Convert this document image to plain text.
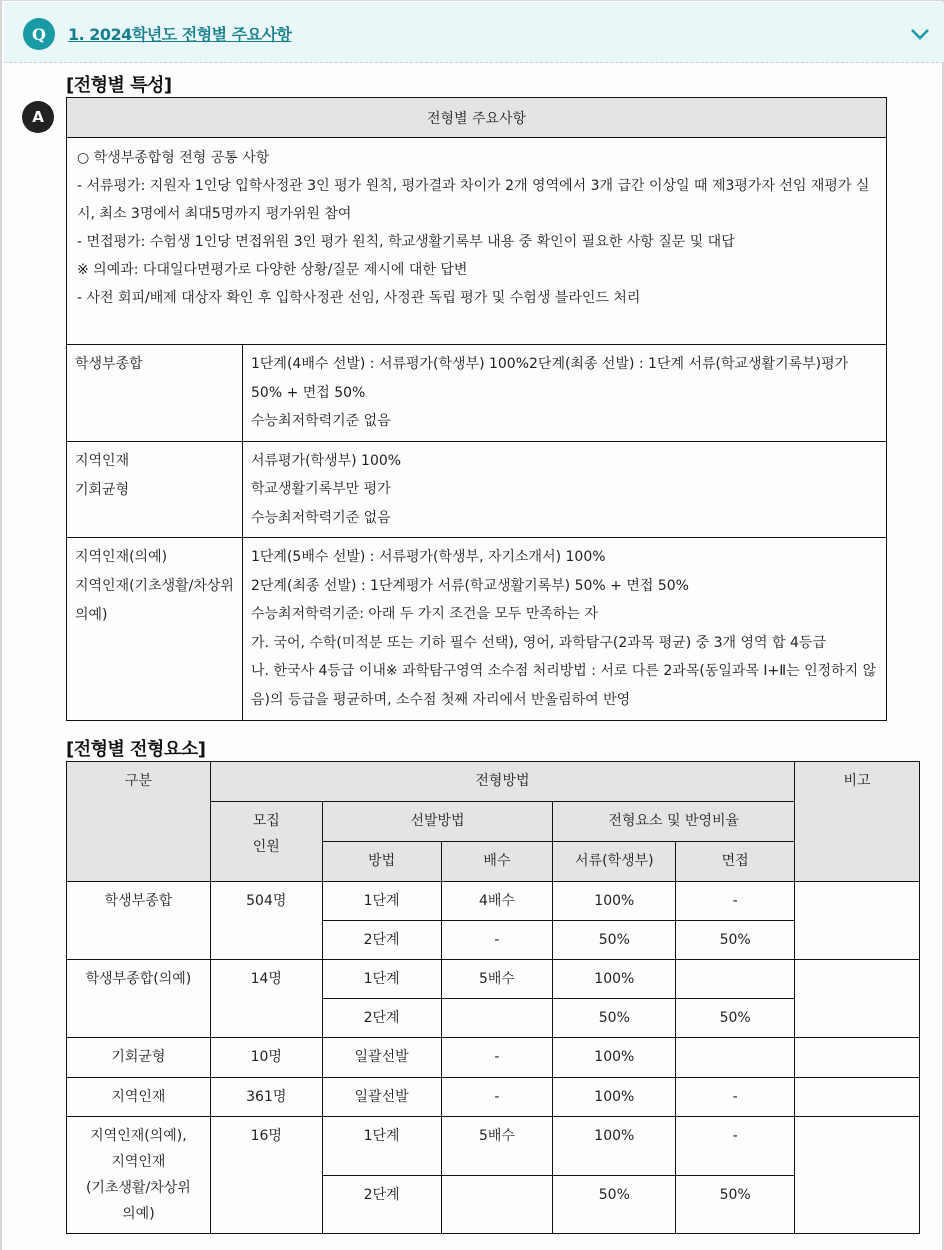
Q	1. 2024학년도 전형별 주요사항
A
[전형별 특성]
전형별 주요사항	

○ 학생부종합형 전형 공통 사항
- 서류평가: 지원자 1인당 입학사정관 3인 평가 원칙, 평가결과 차이가 2개 영역에서 3개 급간 이상일 때 제3평가자 선임 재평가 실시, 최소 3명에서 최대5명까지 평가위원 참여
- 면접평가: 수험생 1인당 면접위원 3인 평가 원칙, 학교생활기록부 내용 중 확인이 필요한 사항 질문 및 대답
※ 의예과: 다대일다면평가로 다양한 상황/질문 제시에 대한 답변
- 사전 회피/배제 대상자 확인 후 입학사정관 선임, 사정관 독립 평가 및 수험생 블라인드 처리	

학생부종합	1단계(4배수 선발) : 서류평가(학생부) 100%2단계(최종 선발) : 1단계 서류(학교생활기록부)평가 50% + 면접 50%
수능최저학력기준 없음

지역인재
기회균형	서류평가(학생부) 100%
학교생활기록부만 평가
수능최저학력기준 없음

지역인재(의예)
지역인재(기초생활/차상위 의예)	1단계(5배수 선발) : 서류평가(학생부, 자기소개서) 100%
2단계(최종 선발) : 1단계평가 서류(학교생활기록부) 50% + 면접 50%
수능최저학력기준: 아래 두 가지 조건을 모두 만족하는 자
가. 국어, 수학(미적분 또는 기하 필수 선택), 영어, 과학탐구(2과목 평균) 중 3개 영역 합 4등급
나. 한국사 4등급 이내※ 과학탐구영역 소수점 처리방법 : 서로 다른 2과목(동일과목 Ⅰ+Ⅱ는 인정하지 않음)의 등급을 평균하며, 소수점 첫째 자리에서 반올림하여 반영
[전형별 전형요소]
구분	전형방법					비고

	모집
인원	선발방법		전형요소 및 반영비율		
		방법	배수	서류(학생부)	면접	
학생부종합	504명	1단계	4배수	100%	-	
		2단계	-	50%	50%	
학생부종합(의예)	14명	1단계	5배수	100%		
		2단계		50%	50%	
기회균형	10명	일괄선발	-	100%		
지역인재	361명	일괄선발	-	100%	-	

지역인재(의예),
지역인재
(기초생활/차상위
의예)	16명	1단계	5배수	100%	-	
		2단계		50%	50%	
